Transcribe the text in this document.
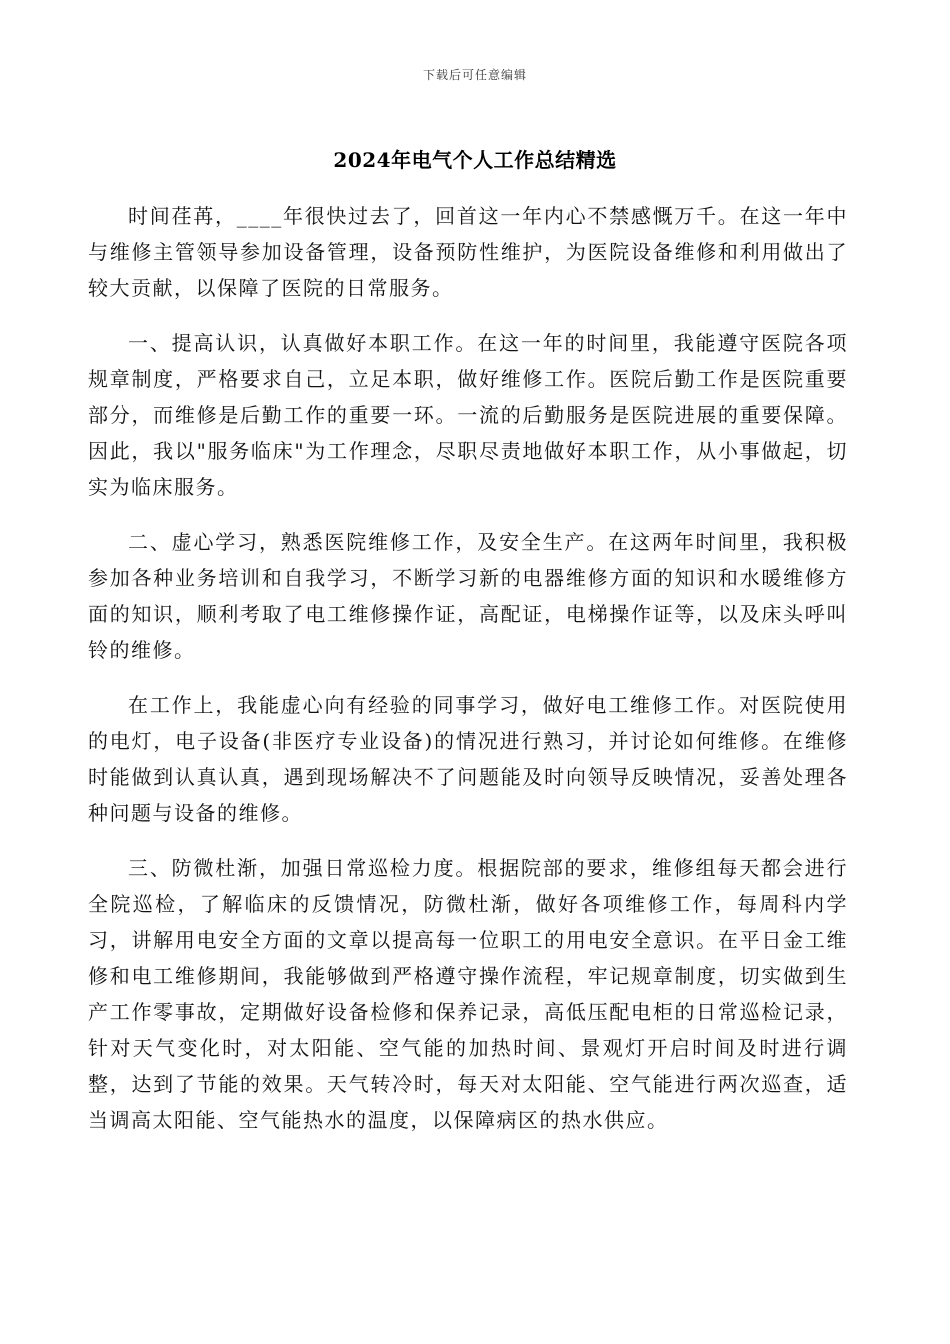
下载后可任意编辑
2024年电气个人工作总结精选

时间荏苒，____年很快过去了，回首这一年内心不禁感慨万千。在这一年中与维修主管领导参加设备管理，设备预防性维护，为医院设备维修和利用做出了较大贡献，以保障了医院的日常服务。

一、提高认识，认真做好本职工作。在这一年的时间里，我能遵守医院各项规章制度，严格要求自己，立足本职，做好维修工作。医院后勤工作是医院重要部分，而维修是后勤工作的重要一环。一流的后勤服务是医院进展的重要保障。因此，我以"服务临床"为工作理念，尽职尽责地做好本职工作，从小事做起，切实为临床服务。

二、虚心学习，熟悉医院维修工作，及安全生产。在这两年时间里，我积极参加各种业务培训和自我学习，不断学习新的电器维修方面的知识和水暖维修方面的知识，顺利考取了电工维修操作证，高配证，电梯操作证等，以及床头呼叫铃的维修。

在工作上，我能虚心向有经验的同事学习，做好电工维修工作。对医院使用的电灯，电子设备(非医疗专业设备)的情况进行熟习，并讨论如何维修。在维修时能做到认真认真，遇到现场解决不了问题能及时向领导反映情况，妥善处理各种问题与设备的维修。

三、防微杜渐，加强日常巡检力度。根据院部的要求，维修组每天都会进行全院巡检，了解临床的反馈情况，防微杜渐，做好各项维修工作，每周科内学习，讲解用电安全方面的文章以提高每一位职工的用电安全意识。在平日金工维修和电工维修期间，我能够做到严格遵守操作流程，牢记规章制度，切实做到生产工作零事故，定期做好设备检修和保养记录，高低压配电柜的日常巡检记录，针对天气变化时，对太阳能、空气能的加热时间、景观灯开启时间及时进行调整，达到了节能的效果。天气转冷时，每天对太阳能、空气能进行两次巡查，适当调高太阳能、空气能热水的温度，以保障病区的热水供应。
